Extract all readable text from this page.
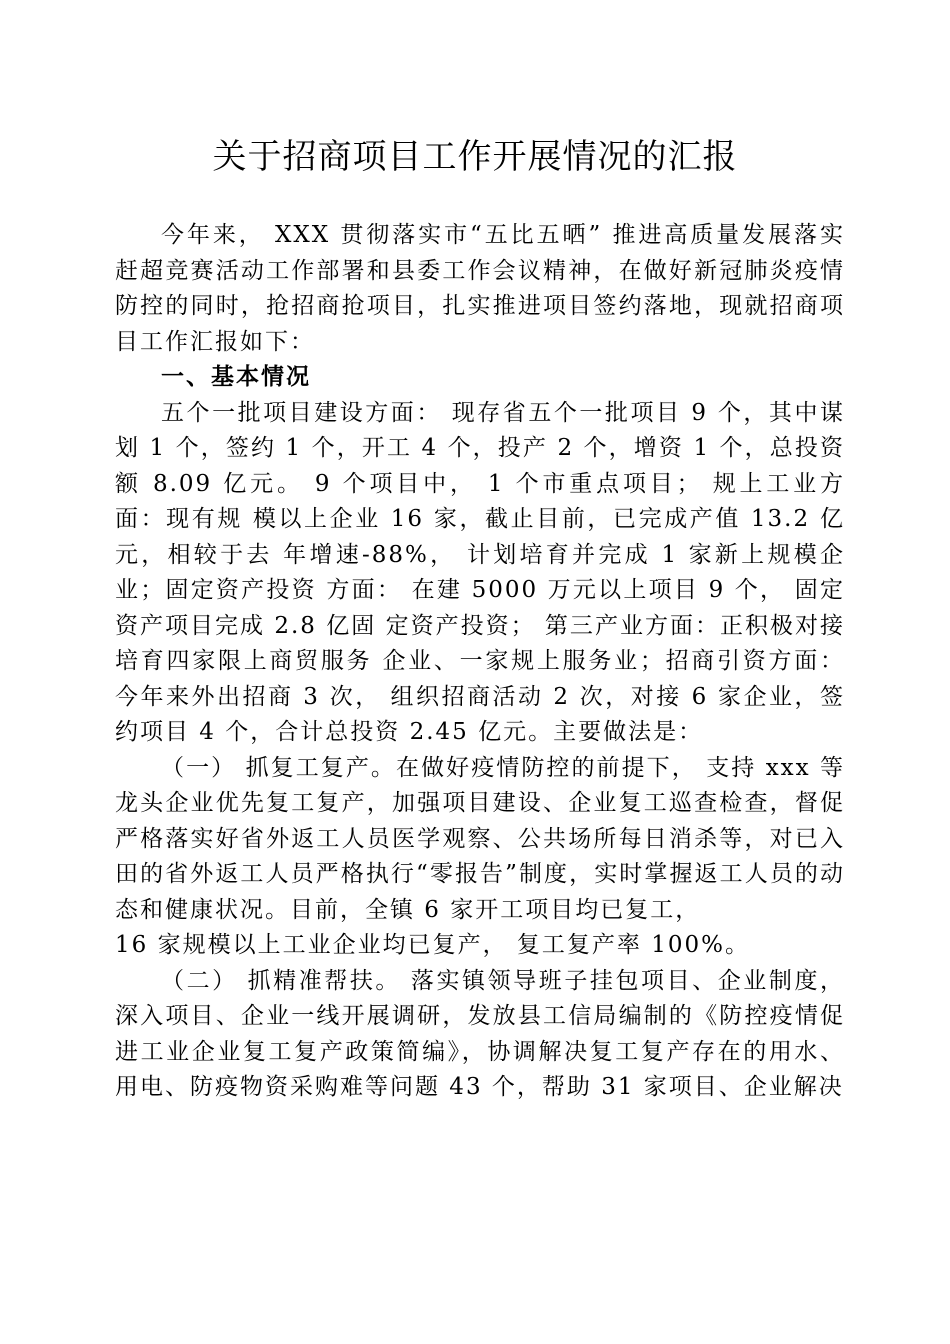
关于招商项目工作开展情况的汇报

今年来， XXX 贯彻落实市“五比五晒” 推进高质量发展落实赶超竞赛活动工作部署和县委工作会议精神，在做好新冠肺炎疫情防控的同时，抢招商抢项目，扎实推进项目签约落地，现就招商项目工作汇报如下：

一、基本情况

五个一批项目建设方面： 现存省五个一批项目 9 个，其中谋划 1 个，签约 1 个，开工 4 个，投产 2 个，增资 1 个，总投资额 8.09 亿元。 9 个项目中， 1 个市重点项目； 规上工业方面：现有规 模以上企业 16 家，截止目前，已完成产值 13.2 亿元，相较于去 年增速-88%， 计划培育并完成 1 家新上规模企业；固定资产投资 方面： 在建 5000 万元以上项目 9 个， 固定资产项目完成 2.8 亿固 定资产投资； 第三产业方面：正积极对接培育四家限上商贸服务 企业、一家规上服务业；招商引资方面：今年来外出招商 3 次， 组织招商活动 2 次，对接 6 家企业，签约项目 4 个，合计总投资 2.45 亿元。主要做法是：

（一） 抓复工复产。在做好疫情防控的前提下， 支持 xxx 等龙头企业优先复工复产，加强项目建设、企业复工巡查检查，督促严格落实好省外返工人员医学观察、公共场所每日消杀等，对已入田的省外返工人员严格执行“零报告”制度，实时掌握返工人员的动态和健康状况。目前，全镇 6 家开工项目均已复工，

16 家规模以上工业企业均已复产， 复工复产率 100%。

（二） 抓精准帮扶。 落实镇领导班子挂包项目、企业制度，深入项目、企业一线开展调研，发放县工信局编制的《防控疫情促进工业企业复工复产政策简编》，协调解决复工复产存在的用水、用电、防疫物资采购难等问题 43 个，帮助 31 家项目、企业解决
